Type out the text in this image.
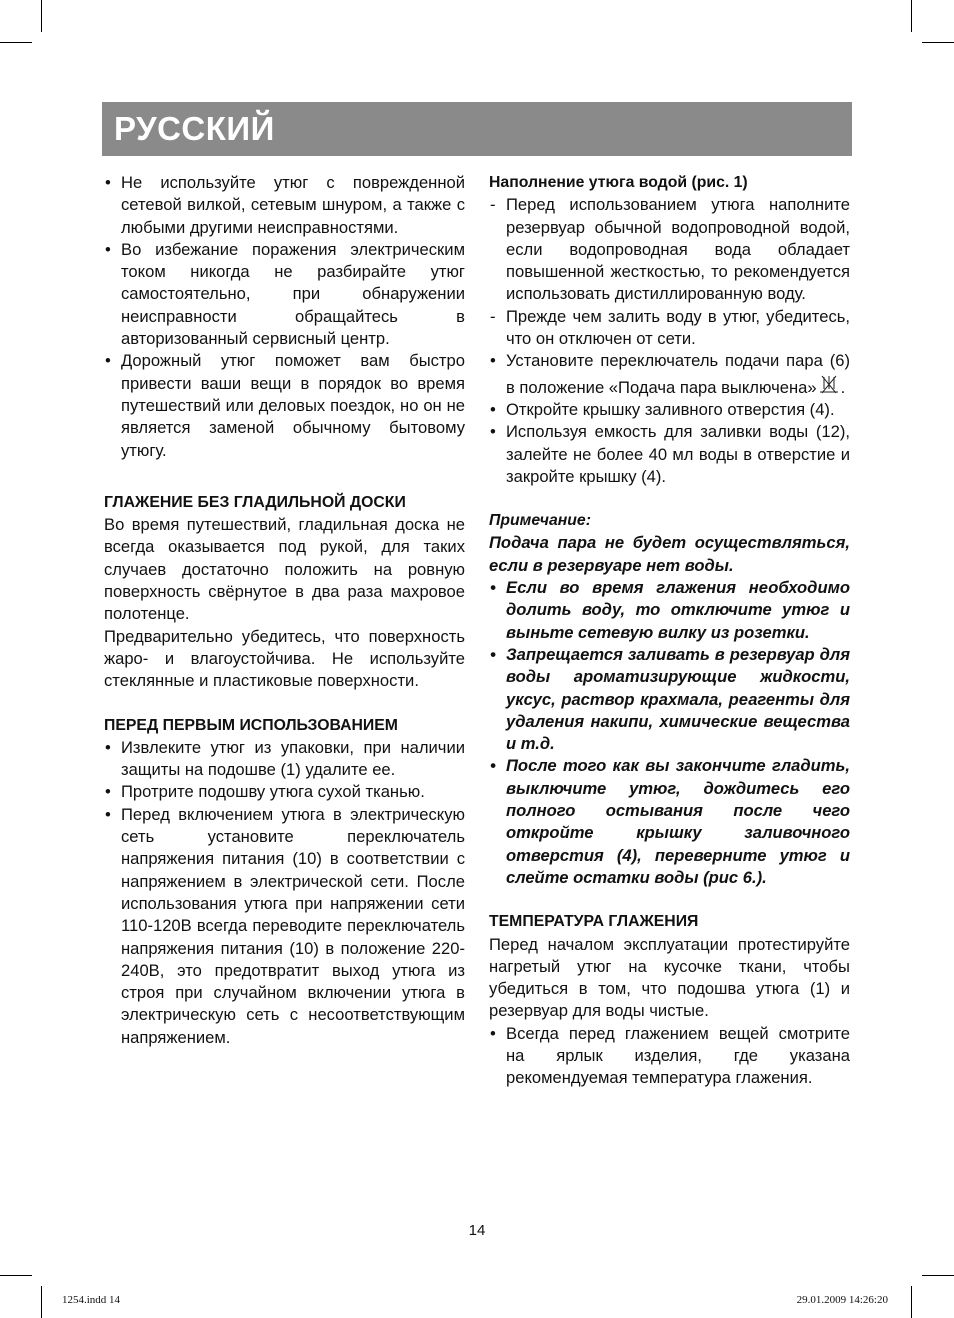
РУССКИЙ
• Не используйте утюг с поврежденной сетевой вилкой, сетевым шнуром, а также с любыми другими неисправностями.
• Во избежание поражения электрическим током никогда не разбирайте утюг самостоятельно, при обнаружении неисправности обращайтесь в авторизованный сервисный центр.
• Дорожный утюг поможет вам быстро привести ваши вещи в порядок во время путешествий или деловых поездок, но он не является заменой обычному бытовому утюгу.
ГЛАЖЕНИЕ БЕЗ ГЛАДИЛЬНОЙ ДОСКИ

Во время путешествий, гладильная доска не всегда оказывается под рукой, для таких случаев достаточно положить на ровную поверхность свёрнутое в два раза махровое полотенце.

Предварительно убедитесь, что поверхность жаро- и влагоустойчива. Не используйте стеклянные и пластиковые поверхности.

ПЕРЕД ПЕРВЫМ ИСПОЛЬЗОВАНИЕМ
• Извлеките утюг из упаковки, при наличии защиты на подошве (1) удалите ее.
• Протрите подошву утюга сухой тканью.
• Перед включением утюга в электрическую сеть установите переключатель напряжения питания (10) в соответствии с напряжением в электрической сети. После использования утюга при напряжении сети 110-120В всегда переводите переключатель напряжения питания (10) в положение 220-240В, это предотвратит выход утюга из строя при случайном включении утюга в электрическую сеть с несоответствующим напряжением.
Наполнение утюга водой (рис. 1)
- Перед использованием утюга наполните резервуар обычной водопроводной водой, если водопроводная вода обладает повышенной жесткостью, то рекомендуется использовать дистиллированную воду.
- Прежде чем залить воду в утюг, убедитесь, что он отключен от сети.
• Установите переключатель подачи пара (6) в положение «Подача пара выключена» .
• Откройте крышку заливного отверстия (4).
• Используя емкость для заливки воды (12), залейте не более 40 мл воды в отверстие и закройте крышку (4).
Примечание:

Подача пара не будет осуществляться, если в резервуаре нет воды.

• Если во время глажения необходимо долить воду, то отключите утюг и выньте сетевую вилку из розетки.
• Запрещается заливать в резервуар для воды ароматизирующие жидкости, уксус, раствор крахмала, реагенты для удаления накипи, химические вещества и т.д.
• После того как вы закончите гладить, выключите утюг, дождитесь его полного остывания после чего откройте крышку заливочного отверстия (4), переверните утюг и слейте остатки воды (рис 6.).
ТЕМПЕРАТУРА ГЛАЖЕНИЯ

Перед началом эксплуатации протестируйте нагретый утюг на кусочке ткани, чтобы убедиться в том, что подошва утюга (1) и резервуар для воды чистые.

• Всегда перед глажением вещей смотрите на ярлык изделия, где указана рекомендуемая температура глажения.
14
1254.indd 14	29.01.2009 14:26:20
